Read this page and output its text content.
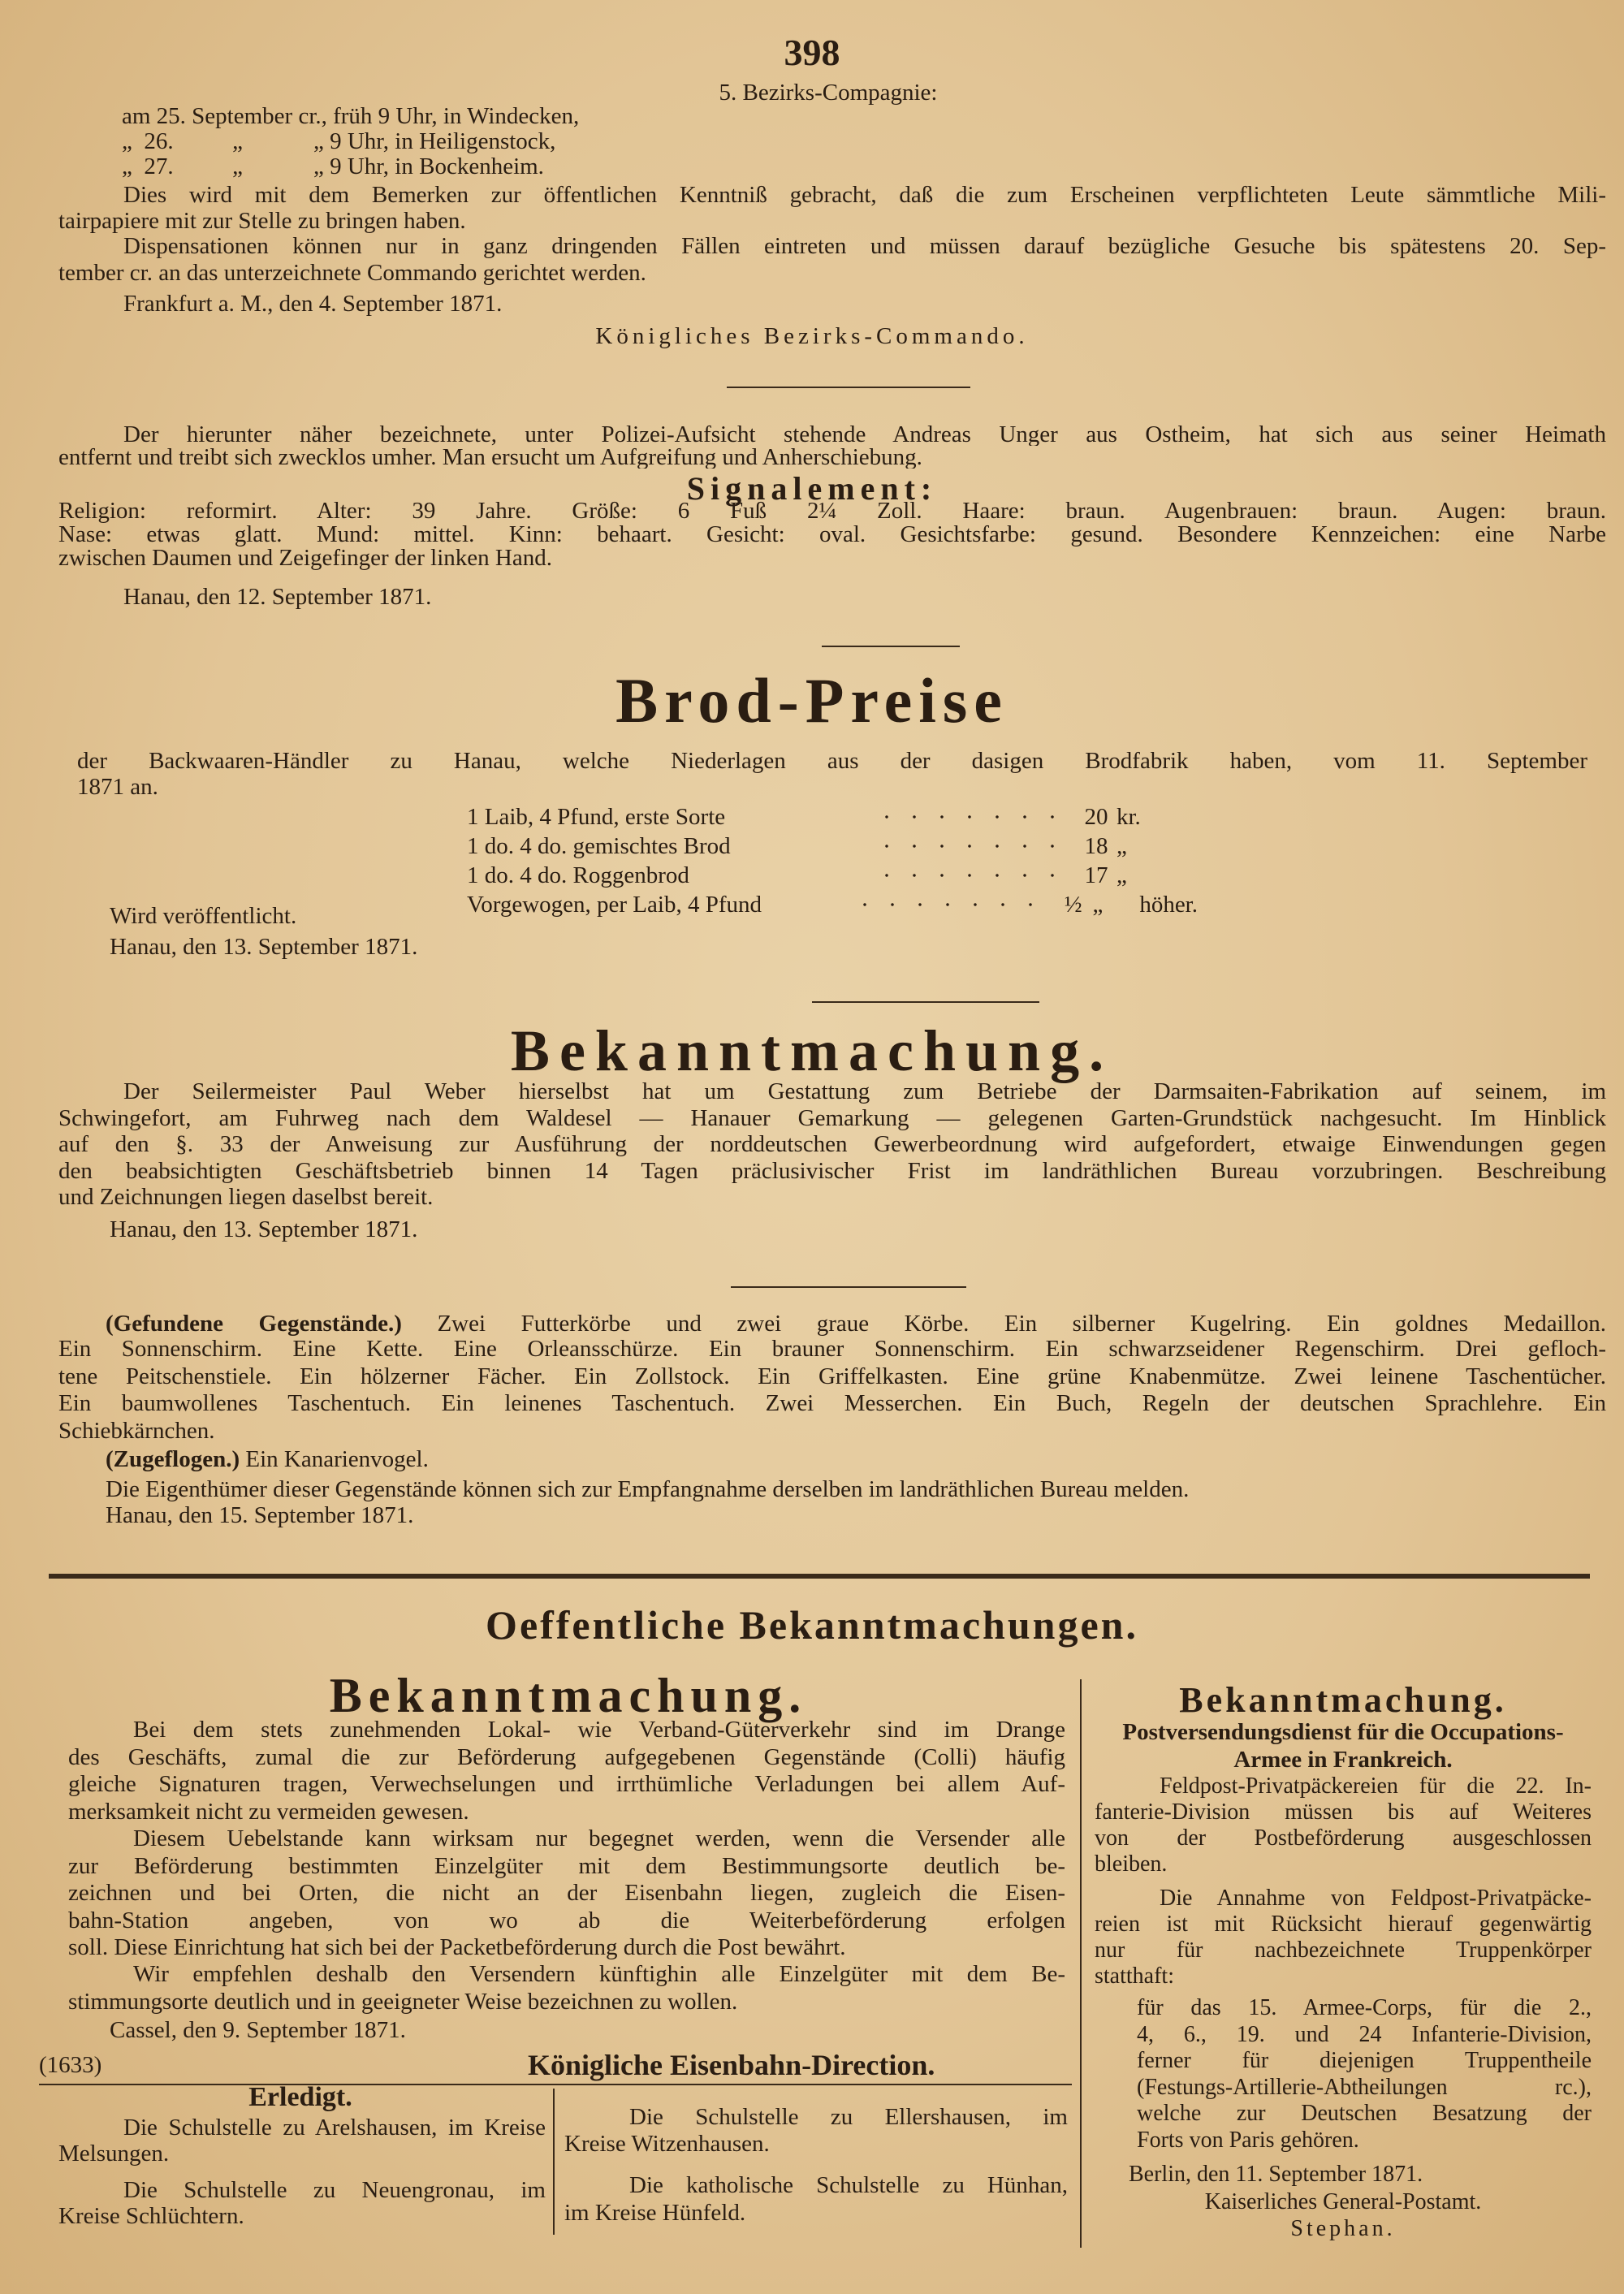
398
5. Bezirks-Compagnie:
am 25. September cr., früh 9 Uhr, in Windecken,
„  26.          „            „ 9 Uhr, in Heiligenstock,
„  27.          „            „ 9 Uhr, in Bockenheim.
Dies wird mit dem Bemerken zur öffentlichen Kenntniß gebracht, daß die zum Erscheinen verpflichteten Leute sämmtliche Mili-
tairpapiere mit zur Stelle zu bringen haben.
Dispensationen können nur in ganz dringenden Fällen eintreten und müssen darauf bezügliche Gesuche bis spätestens 20. Sep-
tember cr. an das unterzeichnete Commando gerichtet werden.
Frankfurt a. M., den 4. September 1871.
Königliches Bezirks-Commando.
Der hierunter näher bezeichnete, unter Polizei-Aufsicht stehende Andreas Unger aus Ostheim, hat sich aus seiner Heimath
entfernt und treibt sich zwecklos umher. Man ersucht um Aufgreifung und Anherschiebung.
Signalement:
Religion: reformirt. Alter: 39 Jahre. Größe: 6 Fuß 2¼ Zoll. Haare: braun. Augenbrauen: braun. Augen: braun.
Nase: etwas glatt. Mund: mittel. Kinn: behaart. Gesicht: oval. Gesichtsfarbe: gesund. Besondere Kennzeichen: eine Narbe
zwischen Daumen und Zeigefinger der linken Hand.
Hanau, den 12. September 1871.
Brod-Preise
der Backwaaren-Händler zu Hanau, welche Niederlagen aus der dasigen Brodfabrik haben, vom 11. September
1871 an.
1 Laib, 4 Pfund, erste Sorte	20 kr.
1 do. 4 do. gemischtes Brod	18 „
1 do. 4 do. Roggenbrod	17 „
Vorgewogen, per Laib, 4 Pfund	½ „	höher.
Wird veröffentlicht.
Hanau, den 13. September 1871.
Bekanntmachung.
Der Seilermeister Paul Weber hierselbst hat um Gestattung zum Betriebe der Darmsaiten-Fabrikation auf seinem, im
Schwingefort, am Fuhrweg nach dem Waldesel — Hanauer Gemarkung — gelegenen Garten-Grundstück nachgesucht. Im Hinblick
auf den §. 33 der Anweisung zur Ausführung der norddeutschen Gewerbeordnung wird aufgefordert, etwaige Einwendungen gegen
den beabsichtigten Geschäftsbetrieb binnen 14 Tagen präclusivischer Frist im landräthlichen Bureau vorzubringen. Beschreibung
und Zeichnungen liegen daselbst bereit.
Hanau, den 13. September 1871.
(Gefundene Gegenstände.) Zwei Futterkörbe und zwei graue Körbe. Ein silberner Kugelring. Ein goldnes Medaillon.
Ein Sonnenschirm. Eine Kette. Eine Orleansschürze. Ein brauner Sonnenschirm. Ein schwarzseidener Regenschirm. Drei gefloch-
tene Peitschenstiele. Ein hölzerner Fächer. Ein Zollstock. Ein Griffelkasten. Eine grüne Knabenmütze. Zwei leinene Taschentücher.
Ein baumwollenes Taschentuch. Ein leinenes Taschentuch. Zwei Messerchen. Ein Buch, Regeln der deutschen Sprachlehre. Ein
Schiebkärnchen.
(Zugeflogen.) Ein Kanarienvogel.
Die Eigenthümer dieser Gegenstände können sich zur Empfangnahme derselben im landräthlichen Bureau melden.
Hanau, den 15. September 1871.
Oeffentliche Bekanntmachungen.
Bekanntmachung.
Bei dem stets zunehmenden Lokal- wie Verband-Güterverkehr sind im Drange
des Geschäfts, zumal die zur Beförderung aufgegebenen Gegenstände (Colli) häufig
gleiche Signaturen tragen, Verwechselungen und irrthümliche Verladungen bei allem Auf-
merksamkeit nicht zu vermeiden gewesen.
Diesem Uebelstande kann wirksam nur begegnet werden, wenn die Versender alle
zur Beförderung bestimmten Einzelgüter mit dem Bestimmungsorte deutlich be-
zeichnen und bei Orten, die nicht an der Eisenbahn liegen, zugleich die Eisen-
bahn-Station angeben, von wo ab die Weiterbeförderung erfolgen
soll. Diese Einrichtung hat sich bei der Packetbeförderung durch die Post bewährt.
Wir empfehlen deshalb den Versendern künftighin alle Einzelgüter mit dem Be-
stimmungsorte deutlich und in geeigneter Weise bezeichnen zu wollen.
Cassel, den 9. September 1871.
(1633)	Königliche Eisenbahn-Direction.
Erledigt.
Die Schulstelle zu Arelshausen, im Kreise
Melsungen.
Die Schulstelle zu Neuengronau, im
Kreise Schlüchtern.
Die Schulstelle zu Ellershausen, im
Kreise Witzenhausen.
Die katholische Schulstelle zu Hünhan,
im Kreise Hünfeld.
Bekanntmachung.
Postversendungsdienst für die Occupations-
Armee in Frankreich.
Feldpost-Privatpäckereien für die 22. In-
fanterie-Division müssen bis auf Weiteres
von der Postbeförderung ausgeschlossen
bleiben.
Die Annahme von Feldpost-Privatpäcke-
reien ist mit Rücksicht hierauf gegenwärtig
nur für nachbezeichnete Truppenkörper
statthaft:
für das 15. Armee-Corps, für die 2.,
4, 6., 19. und 24 Infanterie-Division,
ferner für diejenigen Truppentheile
(Festungs-Artillerie-Abtheilungen rc.),
welche zur Deutschen Besatzung der
Forts von Paris gehören.
Berlin, den 11. September 1871.
Kaiserliches General-Postamt.
Stephan.
